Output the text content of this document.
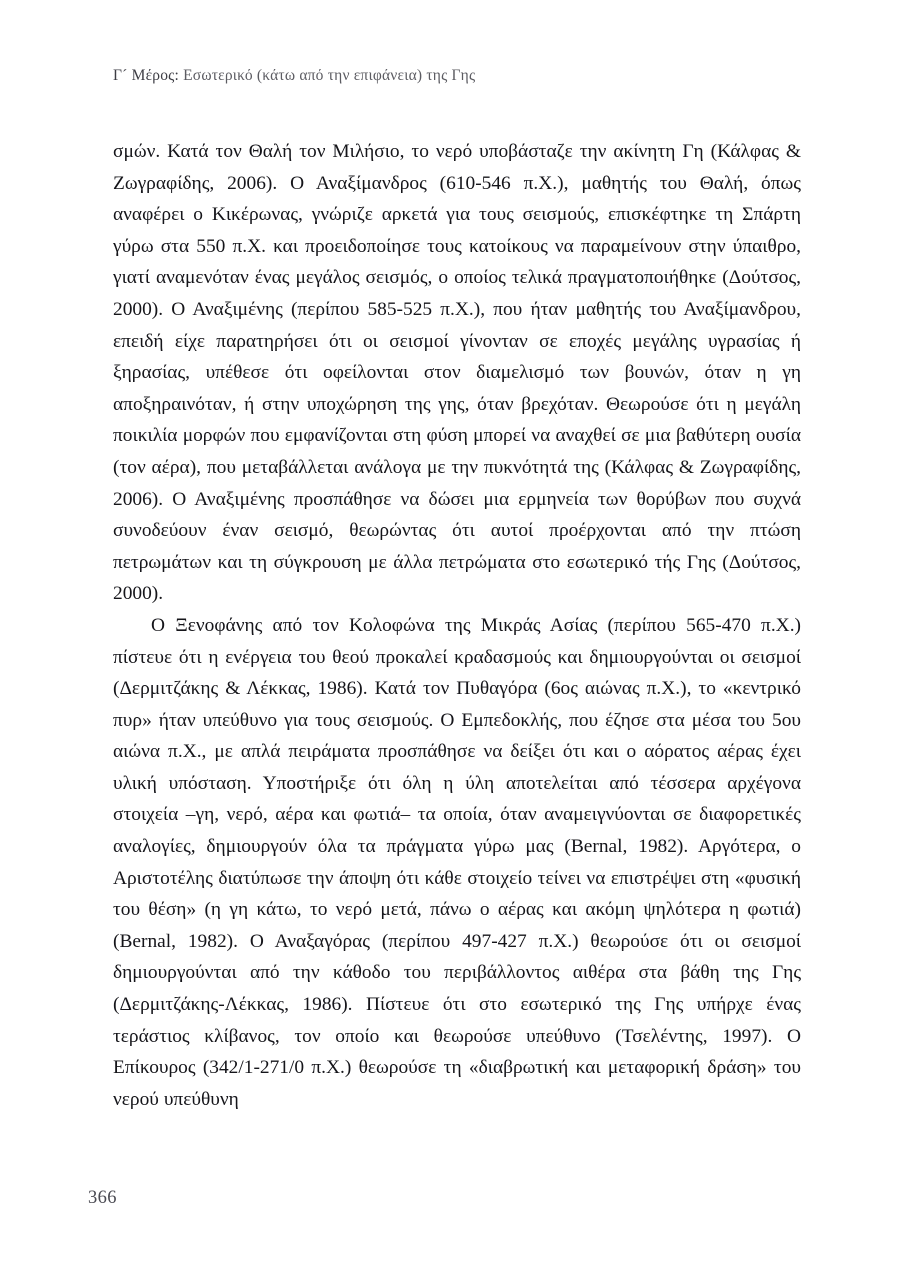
Γ´ Μέρος: Εσωτερικό (κάτω από την επιφάνεια) της Γης

σμών. Κατά τον Θαλή τον Μιλήσιο, το νερό υποβάσταζε την ακίνητη Γη (Κάλφας & Ζωγραφίδης, 2006). Ο Αναξίμανδρος (610-546 π.Χ.), μαθητής του Θαλή, όπως αναφέρει ο Κικέρωνας, γνώριζε αρκετά για τους σεισμούς, επισκέφτηκε τη Σπάρτη γύρω στα 550 π.Χ. και προειδοποίησε τους κατοίκους να παραμείνουν στην ύπαιθρο, γιατί αναμενόταν ένας μεγάλος σεισμός, ο οποίος τελικά πραγματοποιήθηκε (Δούτσος, 2000). Ο Αναξιμένης (περίπου 585-525 π.Χ.), που ήταν μαθητής του Αναξίμανδρου, επειδή είχε παρατηρήσει ότι οι σεισμοί γίνονταν σε εποχές μεγάλης υγρασίας ή ξηρασίας, υπέθεσε ότι οφείλονται στον διαμελισμό των βουνών, όταν η γη αποξηραινόταν, ή στην υποχώρηση της γης, όταν βρεχόταν. Θεωρούσε ότι η μεγάλη ποικιλία μορφών που εμφανίζονται στη φύση μπορεί να αναχθεί σε μια βαθύτερη ουσία (τον αέρα), που μεταβάλλεται ανάλογα με την πυκνότητά της (Κάλφας & Ζωγραφίδης, 2006). Ο Αναξιμένης προσπάθησε να δώσει μια ερμηνεία των θορύβων που συχνά συνοδεύουν έναν σεισμό, θεωρώντας ότι αυτοί προέρχονται από την πτώση πετρωμάτων και τη σύγκρουση με άλλα πετρώματα στο εσωτερικό τής Γης (Δούτσος, 2000).

Ο Ξενοφάνης από τον Κολοφώνα της Μικράς Ασίας (περίπου 565-470 π.Χ.) πίστευε ότι η ενέργεια του θεού προκαλεί κραδασμούς και δημιουργούνται οι σεισμοί (Δερμιτζάκης & Λέκκας, 1986). Κατά τον Πυθαγόρα (6ος αιώνας π.Χ.), το «κεντρικό πυρ» ήταν υπεύθυνο για τους σεισμούς. Ο Εμπεδοκλής, που έζησε στα μέσα του 5ου αιώνα π.Χ., με απλά πειράματα προσπάθησε να δείξει ότι και ο αόρατος αέρας έχει υλική υπόσταση. Υποστήριξε ότι όλη η ύλη αποτελείται από τέσσερα αρχέγονα στοιχεία –γη, νερό, αέρα και φωτιά– τα οποία, όταν αναμειγνύονται σε διαφορετικές αναλογίες, δημιουργούν όλα τα πράγματα γύρω μας (Bernal, 1982). Αργότερα, ο Αριστοτέλης διατύπωσε την άποψη ότι κάθε στοιχείο τείνει να επιστρέψει στη «φυσική του θέση» (η γη κάτω, το νερό μετά, πάνω ο αέρας και ακόμη ψηλότερα η φωτιά) (Bernal, 1982). Ο Αναξαγόρας (περίπου 497-427 π.Χ.) θεωρούσε ότι οι σεισμοί δημιουργούνται από την κάθοδο του περιβάλλοντος αιθέρα στα βάθη της Γης (Δερμιτζάκης-Λέκκας, 1986). Πίστευε ότι στο εσωτερικό της Γης υπήρχε ένας τεράστιος κλίβανος, τον οποίο και θεωρούσε υπεύθυνο (Τσελέντης, 1997). Ο Επίκουρος (342/1-271/0 π.Χ.) θεωρούσε τη «διαβρωτική και μεταφορική δράση» του νερού υπεύθυνη

366
